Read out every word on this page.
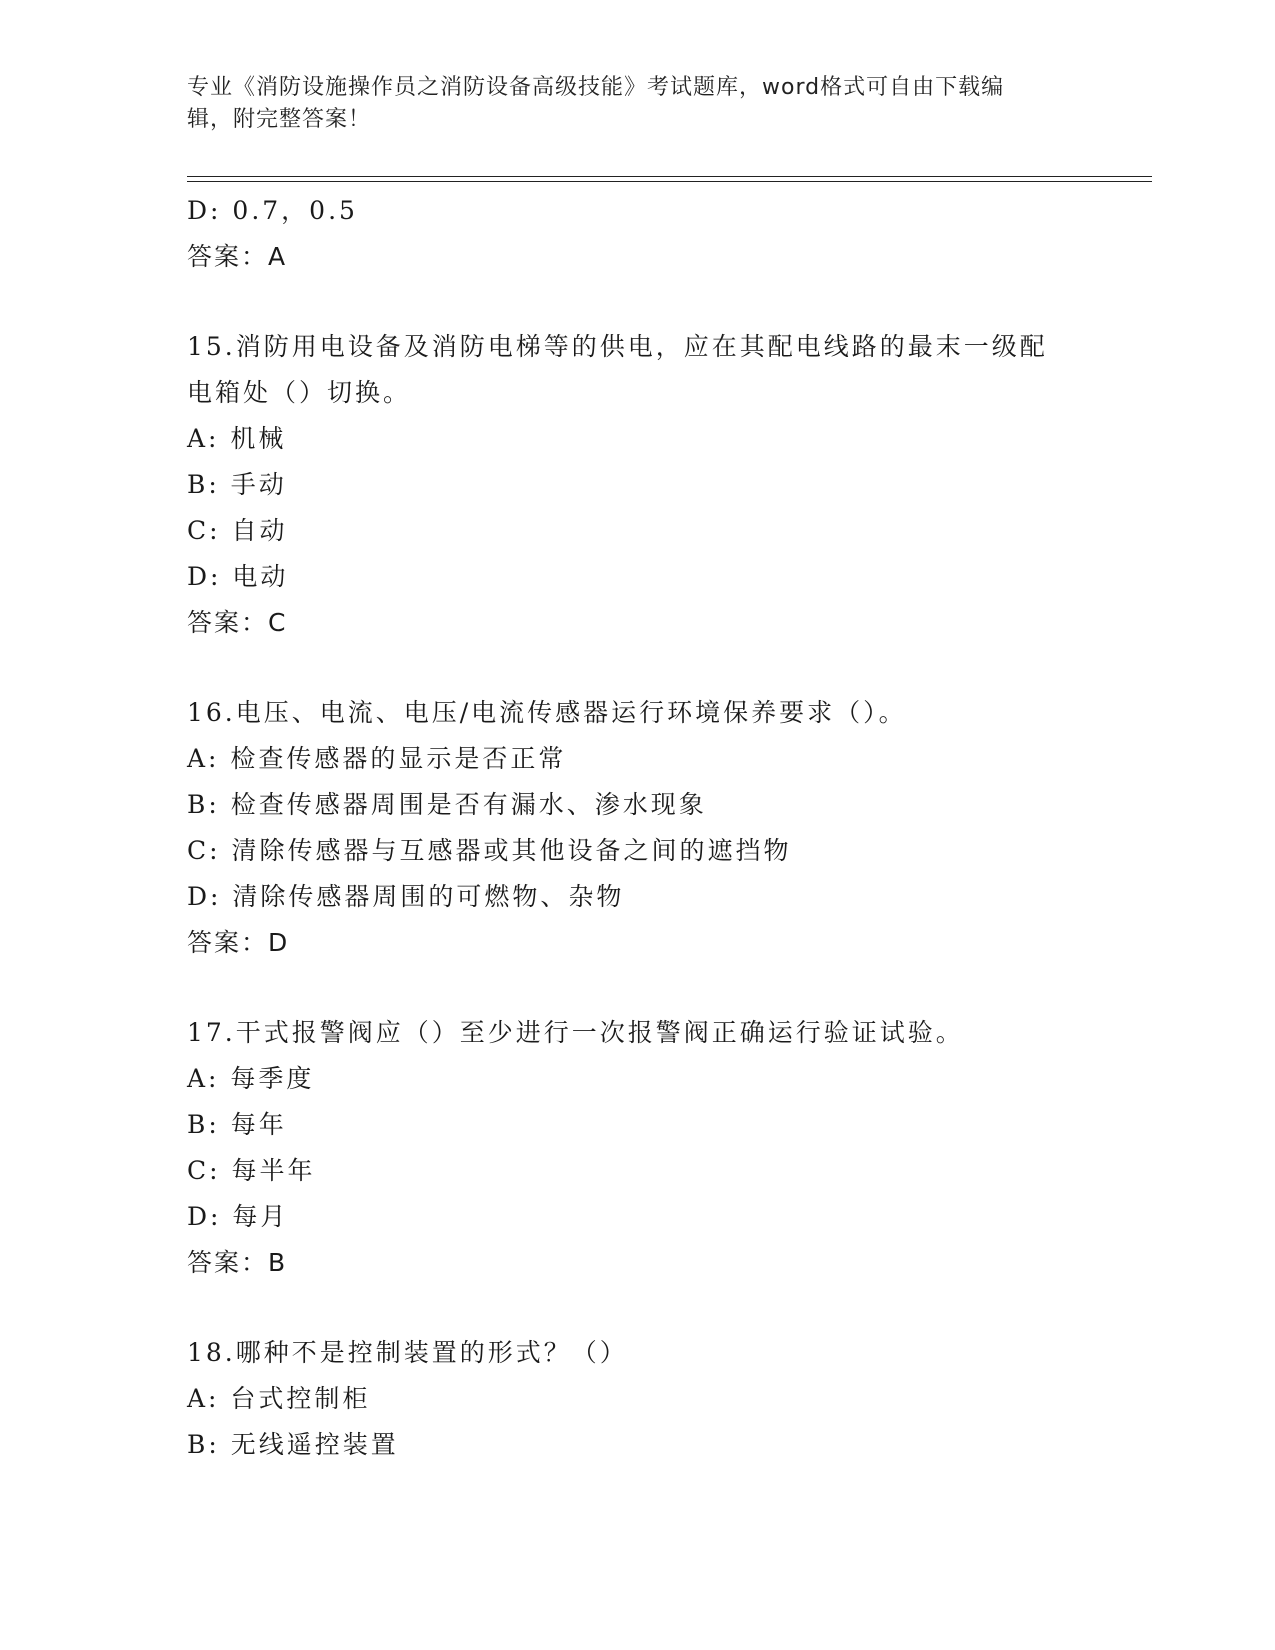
专业《消防设施操作员之消防设备高级技能》考试题库，word格式可自由下载编
辑，附完整答案！
D: 0.7，0.5
答案：A
15.消防用电设备及消防电梯等的供电，应在其配电线路的最末一级配
电箱处（）切换。
A: 机械
B: 手动
C: 自动
D: 电动
答案：C
16.电压、电流、电压/电流传感器运行环境保养要求（）。
A: 检查传感器的显示是否正常
B: 检查传感器周围是否有漏水、渗水现象
C: 清除传感器与互感器或其他设备之间的遮挡物
D: 清除传感器周围的可燃物、杂物
答案：D
17.干式报警阀应（）至少进行一次报警阀正确运行验证试验。
A: 每季度
B: 每年
C: 每半年
D: 每月
答案：B
18.哪种不是控制装置的形式？（）
A: 台式控制柜
B: 无线遥控装置
